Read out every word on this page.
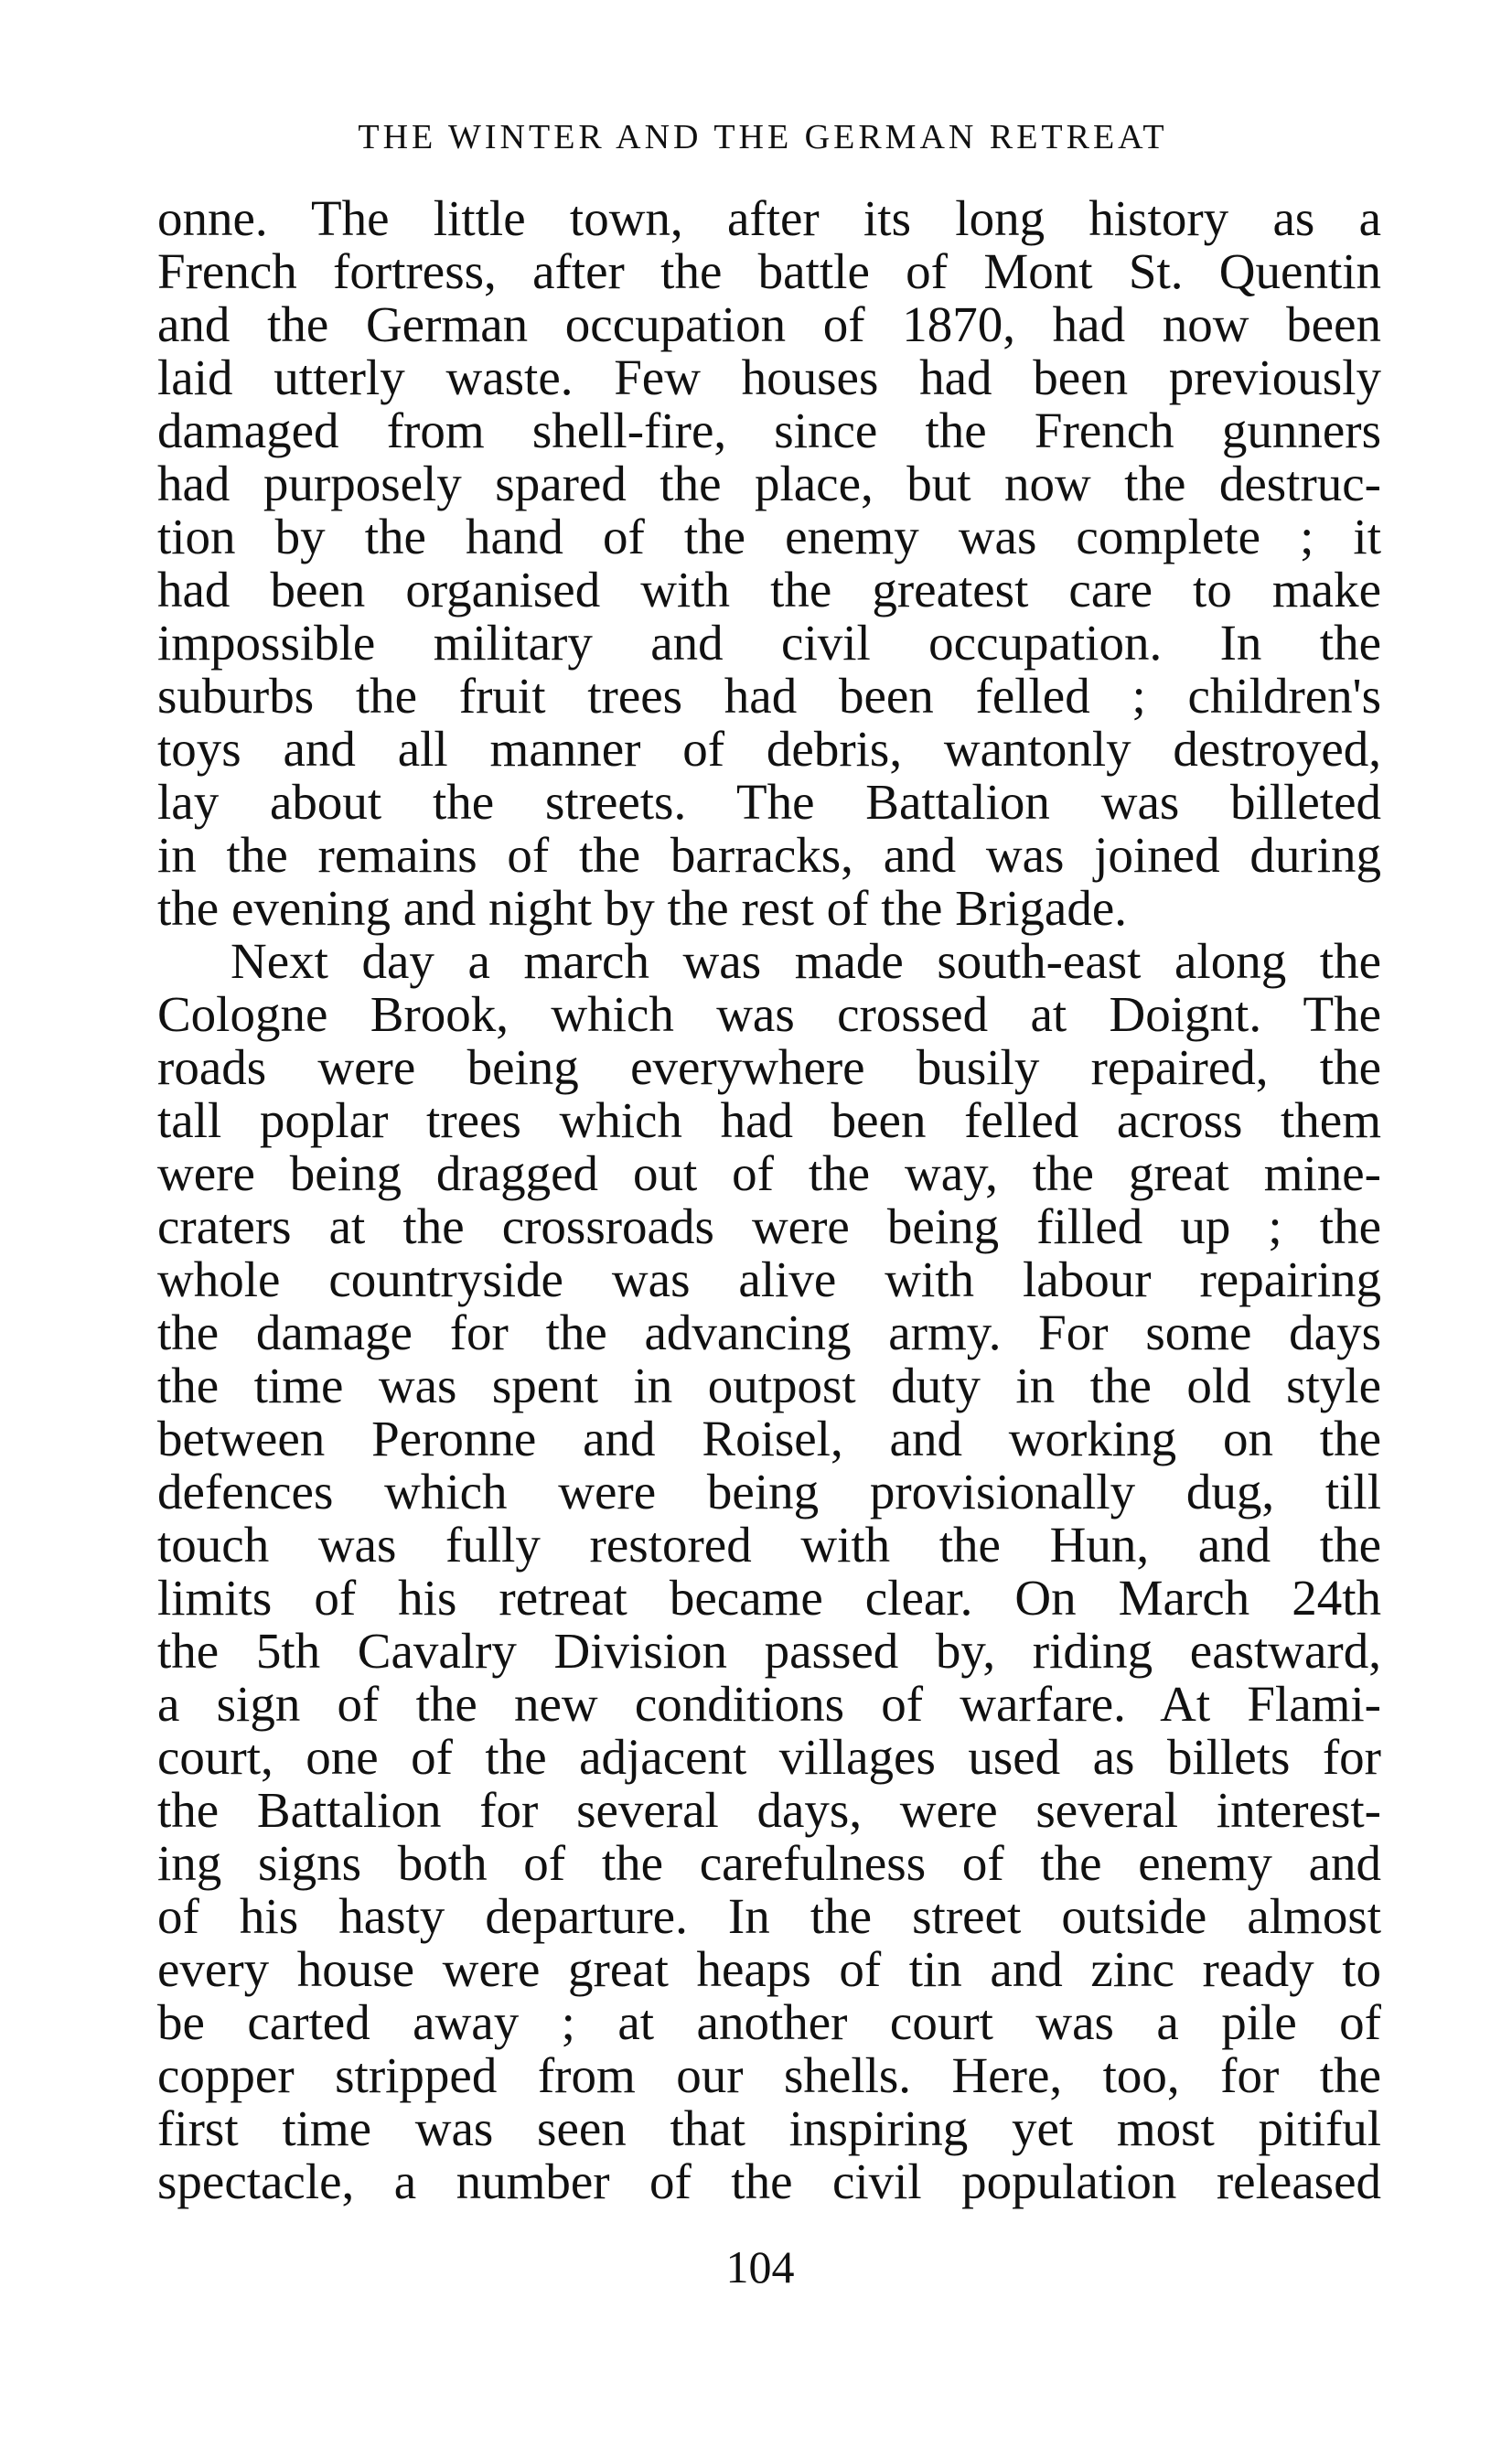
THE WINTER AND THE GERMAN RETREAT
onne. The little town, after its long history as a
French fortress, after the battle of Mont St. Quentin
and the German occupation of 1870, had now been
laid utterly waste. Few houses had been previously
damaged from shell-fire, since the French gunners
had purposely spared the place, but now the destruc-
tion by the hand of the enemy was complete ; it
had been organised with the greatest care to make
impossible military and civil occupation. In the
suburbs the fruit trees had been felled ; children's
toys and all manner of debris, wantonly destroyed,
lay about the streets. The Battalion was billeted
in the remains of the barracks, and was joined during
the evening and night by the rest of the Brigade.
Next day a march was made south-east along the
Cologne Brook, which was crossed at Doignt. The
roads were being everywhere busily repaired, the
tall poplar trees which had been felled across them
were being dragged out of the way, the great mine-
craters at the crossroads were being filled up ; the
whole countryside was alive with labour repairing
the damage for the advancing army. For some days
the time was spent in outpost duty in the old style
between Peronne and Roisel, and working on the
defences which were being provisionally dug, till
touch was fully restored with the Hun, and the
limits of his retreat became clear. On March 24th
the 5th Cavalry Division passed by, riding eastward,
a sign of the new conditions of warfare. At Flami-
court, one of the adjacent villages used as billets for
the Battalion for several days, were several interest-
ing signs both of the carefulness of the enemy and
of his hasty departure. In the street outside almost
every house were great heaps of tin and zinc ready to
be carted away ; at another court was a pile of
copper stripped from our shells. Here, too, for the
first time was seen that inspiring yet most pitiful
spectacle, a number of the civil population released
104
